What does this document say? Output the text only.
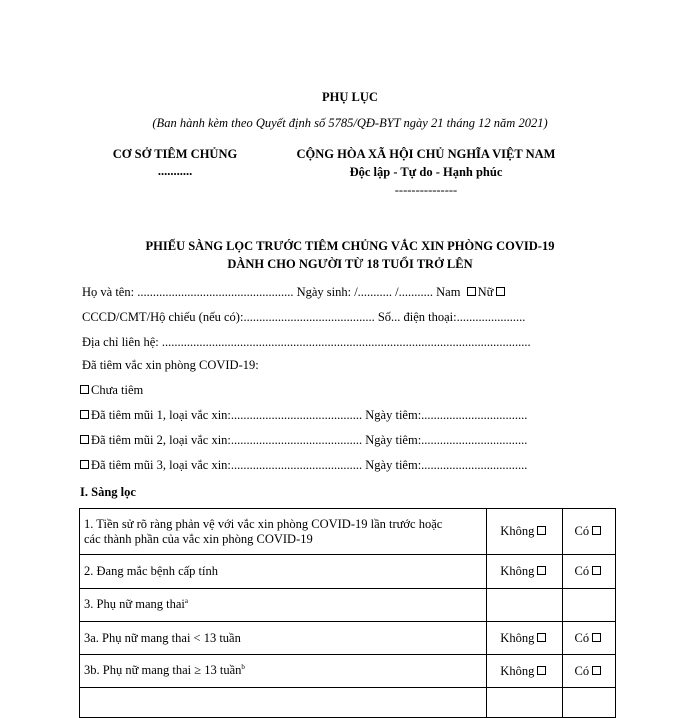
PHỤ LỤC
(Ban hành kèm theo Quyết định số 5785/QĐ-BYT ngày 21 tháng 12 năm 2021)
CƠ SỞ TIÊM CHỦNG
...........
CỘNG HÒA XÃ HỘI CHỦ NGHĨA VIỆT NAM
Độc lập - Tự do - Hạnh phúc
---------------
PHIẾU SÀNG LỌC TRƯỚC TIÊM CHỦNG VẮC XIN PHÒNG COVID-19
DÀNH CHO NGƯỜI TỪ 18 TUỔI TRỞ LÊN
Họ và tên: .................................................. Ngày sinh: /........... /........... Nam Nữ
CCCD/CMT/Hộ chiếu (nếu có):.......................................... Số... điện thoại:......................
Địa chỉ liên hệ: ......................................................................................................................
Đã tiêm vắc xin phòng COVID-19:
Chưa tiêm
Đã tiêm mũi 1, loại vắc xin:.......................................... Ngày tiêm:..................................
Đã tiêm mũi 2, loại vắc xin:.......................................... Ngày tiêm:..................................
Đã tiêm mũi 3, loại vắc xin:.......................................... Ngày tiêm:..................................
I. Sàng lọc
1. Tiền sử rõ ràng phản vệ với vắc xin phòng COVID-19 lần trước hoặc
các thành phần của vắc xin phòng COVID-19	Không	Có
2. Đang mắc bệnh cấp tính	Không	Có
3. Phụ nữ mang thai$^a$		
3a. Phụ nữ mang thai < 13 tuần	Không	Có
3b. Phụ nữ mang thai ≥ 13 tuần$^b$	Không	Có
